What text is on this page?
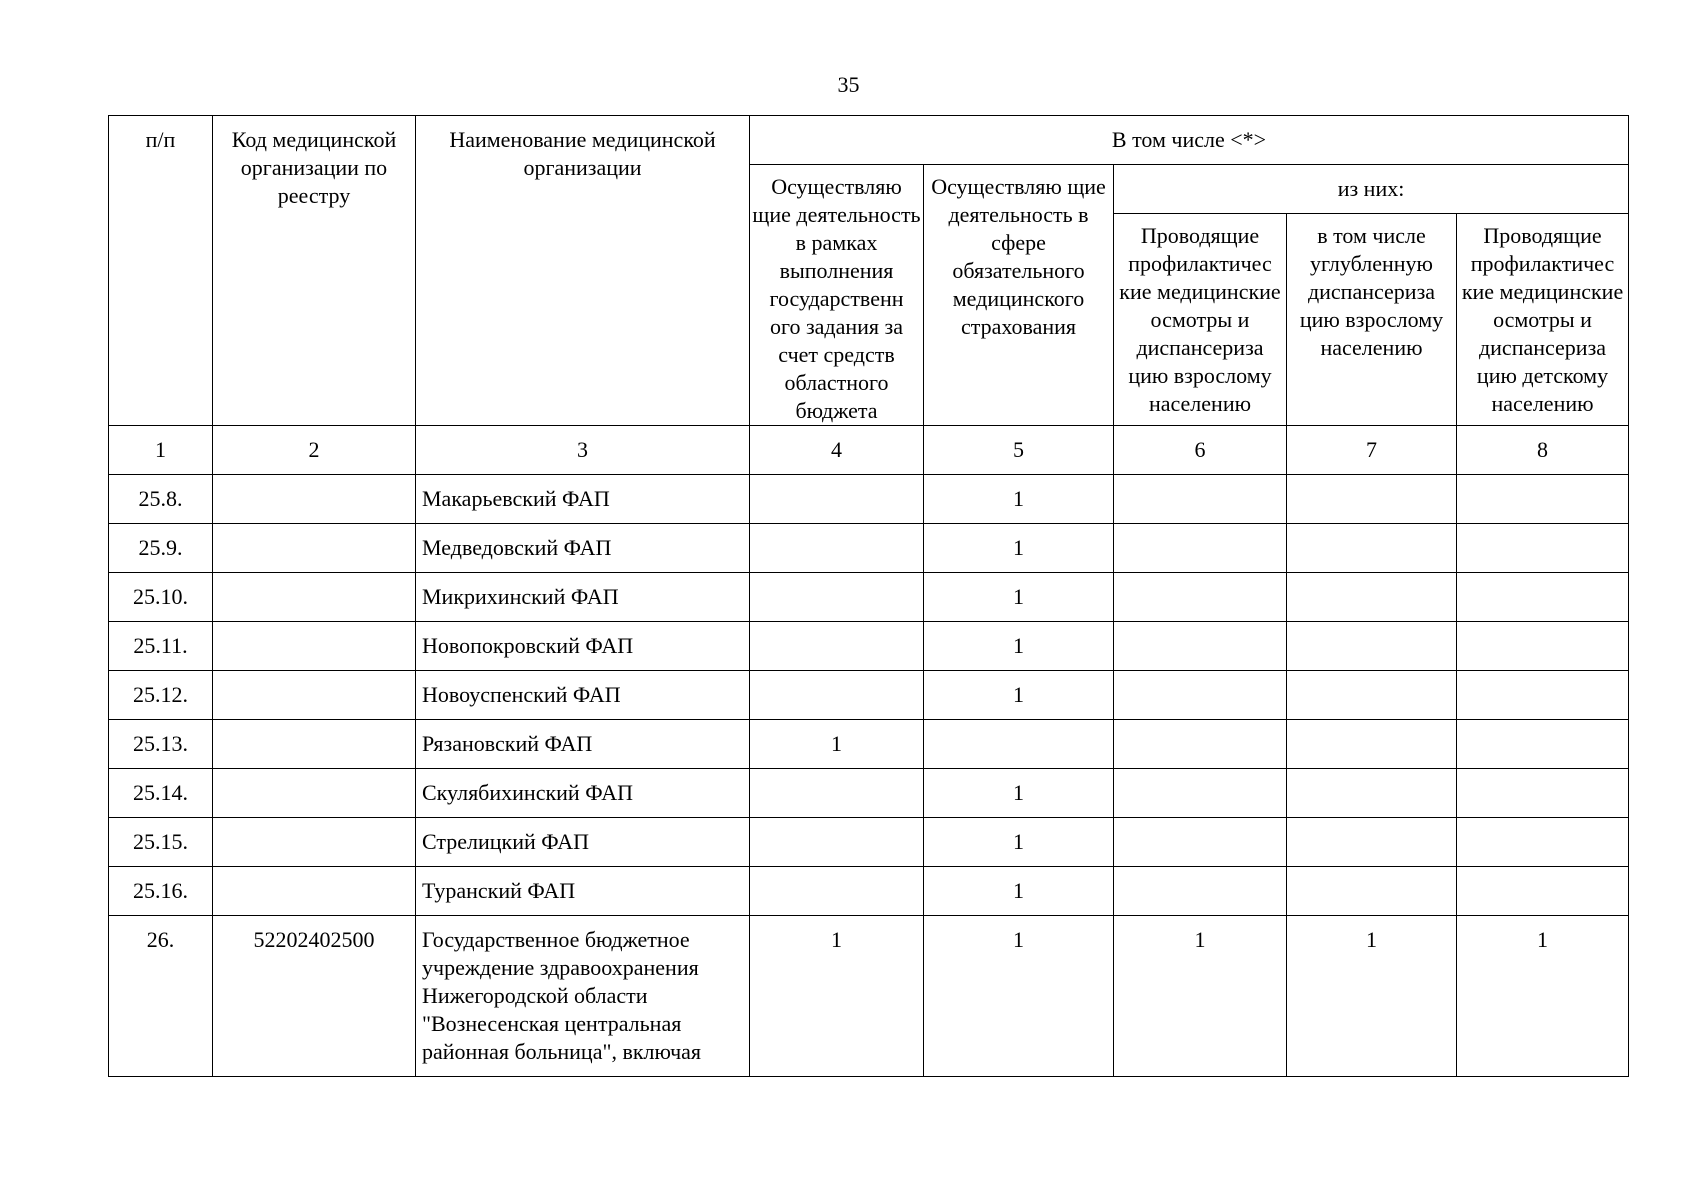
35
п/п	Код медицинской организации по реестру	Наименование медицинской организации	В том числе <*>				
			Осуществляю щие деятельность в рамках выполнения государственн ого задания за счет средств областного бюджета	Осуществляю щие деятельность в сфере обязательного медицинского страхования	из них:		
					Проводящие профилактичес кие медицинские осмотры и диспансериза цию взрослому населению	в том числе углубленную диспансериза цию взрослому населению	Проводящие профилактичес кие медицинские осмотры и диспансериза цию детскому населению
1	2	3	4	5	6	7	8
25.8.		Макарьевский ФАП		1			
25.9.		Медведовский ФАП		1			
25.10.		Микрихинский ФАП		1			
25.11.		Новопокровский ФАП		1			
25.12.		Новоуспенский ФАП		1			
25.13.		Рязановский ФАП	1				
25.14.		Скулябихинский ФАП		1			
25.15.		Стрелицкий ФАП		1			
25.16.		Туранский ФАП		1			
26.	52202402500	Государственное бюджетное учреждение здравоохранения Нижегородской области "Вознесенская центральная районная больница", включая	1	1	1	1	1
